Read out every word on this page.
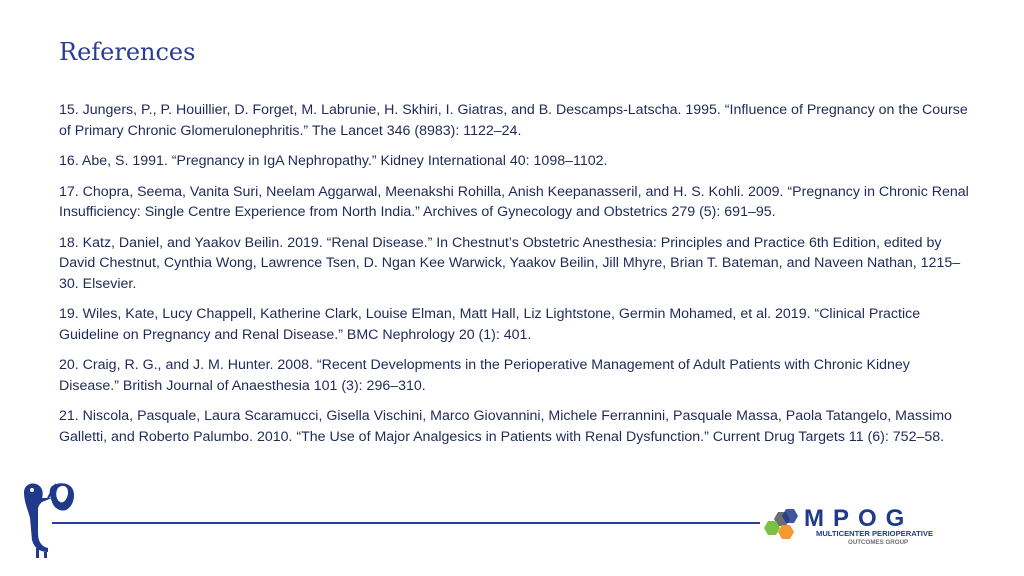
References
15. Jungers, P., P. Houillier, D. Forget, M. Labrunie, H. Skhiri, I. Giatras, and B. Descamps-Latscha. 1995. “Influence of Pregnancy on the Course of Primary Chronic Glomerulonephritis.” The Lancet 346 (8983): 1122–24.
16. Abe, S. 1991. “Pregnancy in IgA Nephropathy.” Kidney International 40: 1098–1102.
17. Chopra, Seema, Vanita Suri, Neelam Aggarwal, Meenakshi Rohilla, Anish Keepanasseril, and H. S. Kohli. 2009. “Pregnancy in Chronic Renal Insufficiency: Single Centre Experience from North India.” Archives of Gynecology and Obstetrics 279 (5): 691–95.
18. Katz, Daniel, and Yaakov Beilin. 2019. “Renal Disease.” In Chestnut’s Obstetric Anesthesia: Principles and Practice 6th Edition, edited by David Chestnut, Cynthia Wong, Lawrence Tsen, D. Ngan Kee Warwick, Yaakov Beilin, Jill Mhyre, Brian T. Bateman, and Naveen Nathan, 1215–30. Elsevier.
19. Wiles, Kate, Lucy Chappell, Katherine Clark, Louise Elman, Matt Hall, Liz Lightstone, Germin Mohamed, et al. 2019. “Clinical Practice Guideline on Pregnancy and Renal Disease.” BMC Nephrology 20 (1): 401.
20. Craig, R. G., and J. M. Hunter. 2008. “Recent Developments in the Perioperative Management of Adult Patients with Chronic Kidney Disease.” British Journal of Anaesthesia 101 (3): 296–310.
21. Niscola, Pasquale, Laura Scaramucci, Gisella Vischini, Marco Giovannini, Michele Ferrannini, Pasquale Massa, Paola Tatangelo, Massimo Galletti, and Roberto Palumbo. 2010. “The Use of Major Analgesics in Patients with Renal Dysfunction.” Current Drug Targets 11 (6): 752–58.
MPOG
MULTICENTER PERIOPERATIVE
OUTCOMES GROUP
